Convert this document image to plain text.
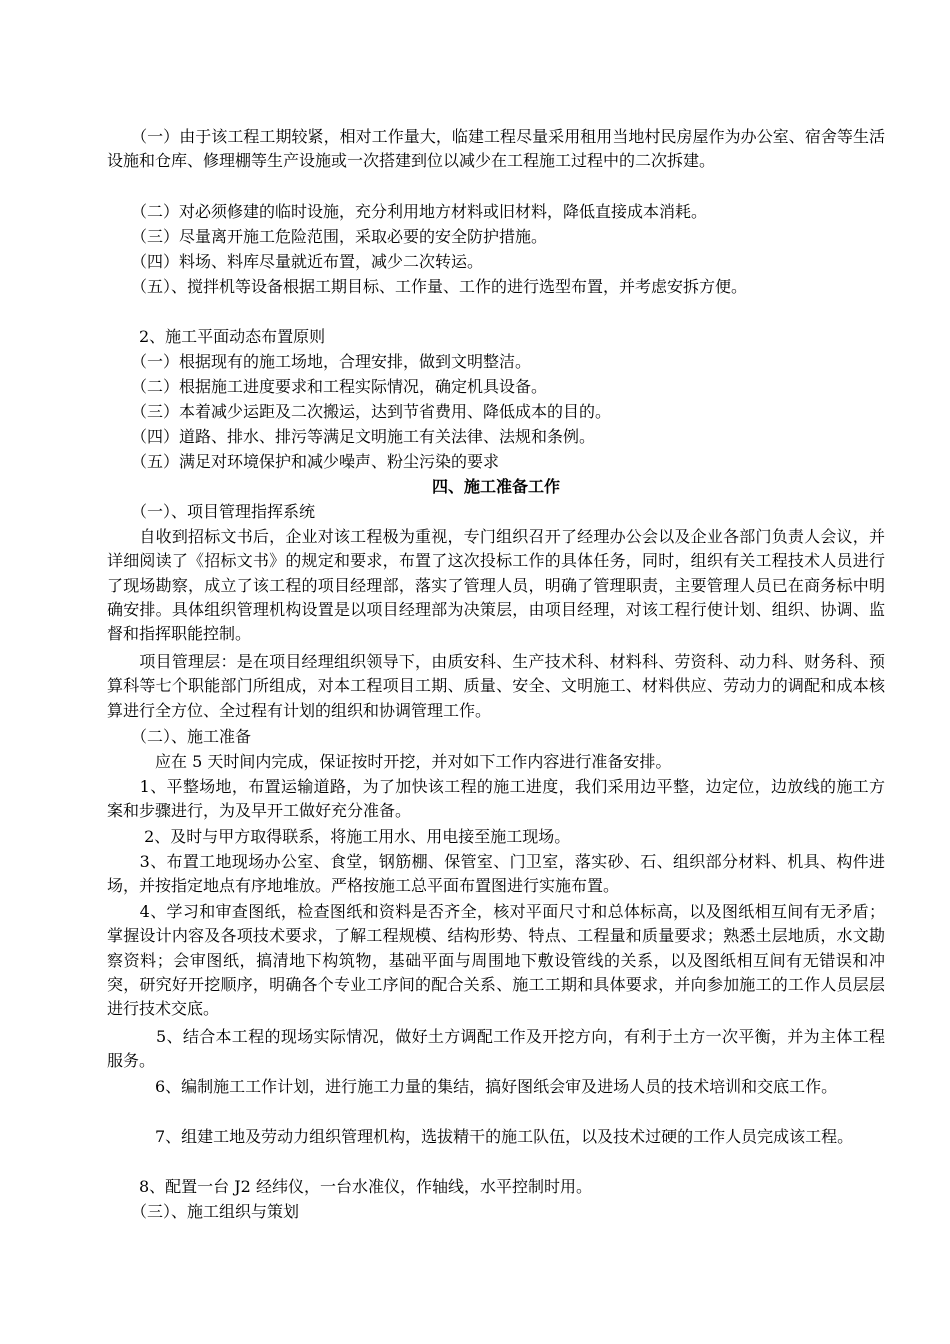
　　（一）由于该工程工期较紧，相对工作量大，临建工程尽量采用租用当地村民房屋作为办公室、宿舍等生活设施和仓库、修理棚等生产设施或一次搭建到位以减少在工程施工过程中的二次拆建。

　　（二）对必须修建的临时设施，充分利用地方材料或旧材料，降低直接成本消耗。

　　（三）尽量离开施工危险范围，采取必要的安全防护措施。

　　（四）料场、料库尽量就近布置，减少二次转运。

　　（五）、搅拌机等设备根据工期目标、工作量、工作的进行选型布置，并考虑安拆方便。

　　2、施工平面动态布置原则

　　（一）根据现有的施工场地，合理安排，做到文明整洁。

　　（二）根据施工进度要求和工程实际情况，确定机具设备。

　　（三）本着减少运距及二次搬运，达到节省费用、降低成本的目的。

　　（四）道路、排水、排污等满足文明施工有关法律、法规和条例。

　　（五）满足对环境保护和减少噪声、粉尘污染的要求

四、施工准备工作

　　（一）、项目管理指挥系统

　　自收到招标文书后，企业对该工程极为重视，专门组织召开了经理办公会以及企业各部门负责人会议，并详细阅读了《招标文书》的规定和要求，布置了这次投标工作的具体任务，同时，组织有关工程技术人员进行了现场勘察，成立了该工程的项目经理部，落实了管理人员，明确了管理职责，主要管理人员已在商务标中明确安排。具体组织管理机构设置是以项目经理部为决策层，由项目经理，对该工程行使计划、组织、协调、监督和指挥职能控制。

　　项目管理层：是在项目经理组织领导下，由质安科、生产技术科、材料科、劳资科、动力科、财务科、预算科等七个职能部门所组成，对本工程项目工期、质量、安全、文明施工、材料供应、劳动力的调配和成本核算进行全方位、全过程有计划的组织和协调管理工作。

　　（二）、施工准备

　　　应在 5 天时间内完成，保证按时开挖，并对如下工作内容进行准备安排。

　　1、平整场地，布置运输道路，为了加快该工程的施工进度，我们采用边平整，边定位，边放线的施工方案和步骤进行，为及早开工做好充分准备。

　　 2、及时与甲方取得联系，将施工用水、用电接至施工现场。

　　3、布置工地现场办公室、食堂，钢筋棚、保管室、门卫室，落实砂、石、组织部分材料、机具、构件进场，并按指定地点有序地堆放。严格按施工总平面布置图进行实施布置。

　　4、学习和审查图纸，检查图纸和资料是否齐全，核对平面尺寸和总体标高，以及图纸相互间有无矛盾；掌握设计内容及各项技术要求，了解工程规模、结构形势、特点、工程量和质量要求；熟悉土层地质，水文勘察资料；会审图纸，搞清地下构筑物，基础平面与周围地下敷设管线的关系，以及图纸相互间有无错误和冲突，研究好开挖顺序，明确各个专业工序间的配合关系、施工工期和具体要求，并向参加施工的工作人员层层进行技术交底。

　　　5、结合本工程的现场实际情况，做好土方调配工作及开挖方向，有利于土方一次平衡，并为主体工程服务。

　　　6、编制施工工作计划，进行施工力量的集结，搞好图纸会审及进场人员的技术培训和交底工作。

　　　7、组建工地及劳动力组织管理机构，选拔精干的施工队伍，以及技术过硬的工作人员完成该工程。

　　8、配置一台 J2 经纬仪，一台水准仪，作轴线，水平控制时用。

　　（三）、施工组织与策划
